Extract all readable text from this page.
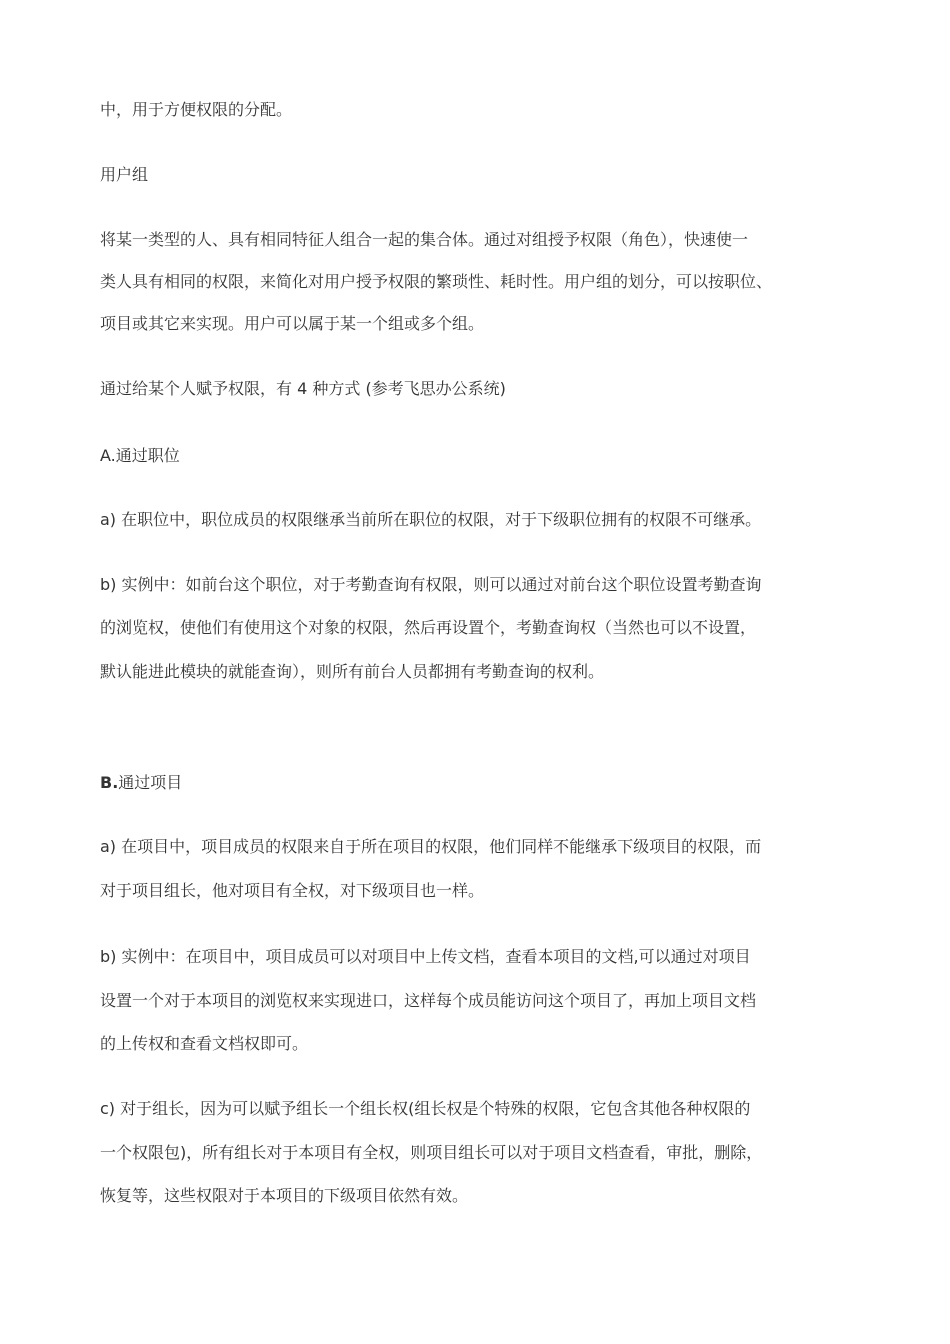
中，用于方便权限的分配。
用户组
将某一类型的人、具有相同特征人组合一起的集合体。通过对组授予权限（角色），快速使一
类人具有相同的权限，来简化对用户授予权限的繁琐性、耗时性。用户组的划分，可以按职位、
项目或其它来实现。用户可以属于某一个组或多个组。
通过给某个人赋予权限，有 4 种方式 (参考飞思办公系统)
A.通过职位
a) 在职位中，职位成员的权限继承当前所在职位的权限，对于下级职位拥有的权限不可继承。
b) 实例中：如前台这个职位，对于考勤查询有权限，则可以通过对前台这个职位设置考勤查询
的浏览权，使他们有使用这个对象的权限，然后再设置个，考勤查询权（当然也可以不设置，
默认能进此模块的就能查询），则所有前台人员都拥有考勤查询的权利。
B.通过项目
a) 在项目中，项目成员的权限来自于所在项目的权限，他们同样不能继承下级项目的权限，而
对于项目组长，他对项目有全权，对下级项目也一样。
b) 实例中：在项目中，项目成员可以对项目中上传文档，查看本项目的文档,可以通过对项目
设置一个对于本项目的浏览权来实现进口，这样每个成员能访问这个项目了，再加上项目文档
的上传权和查看文档权即可。
c) 对于组长，因为可以赋予组长一个组长权(组长权是个特殊的权限，它包含其他各种权限的
一个权限包)，所有组长对于本项目有全权，则项目组长可以对于项目文档查看，审批，删除，
恢复等，这些权限对于本项目的下级项目依然有效。
